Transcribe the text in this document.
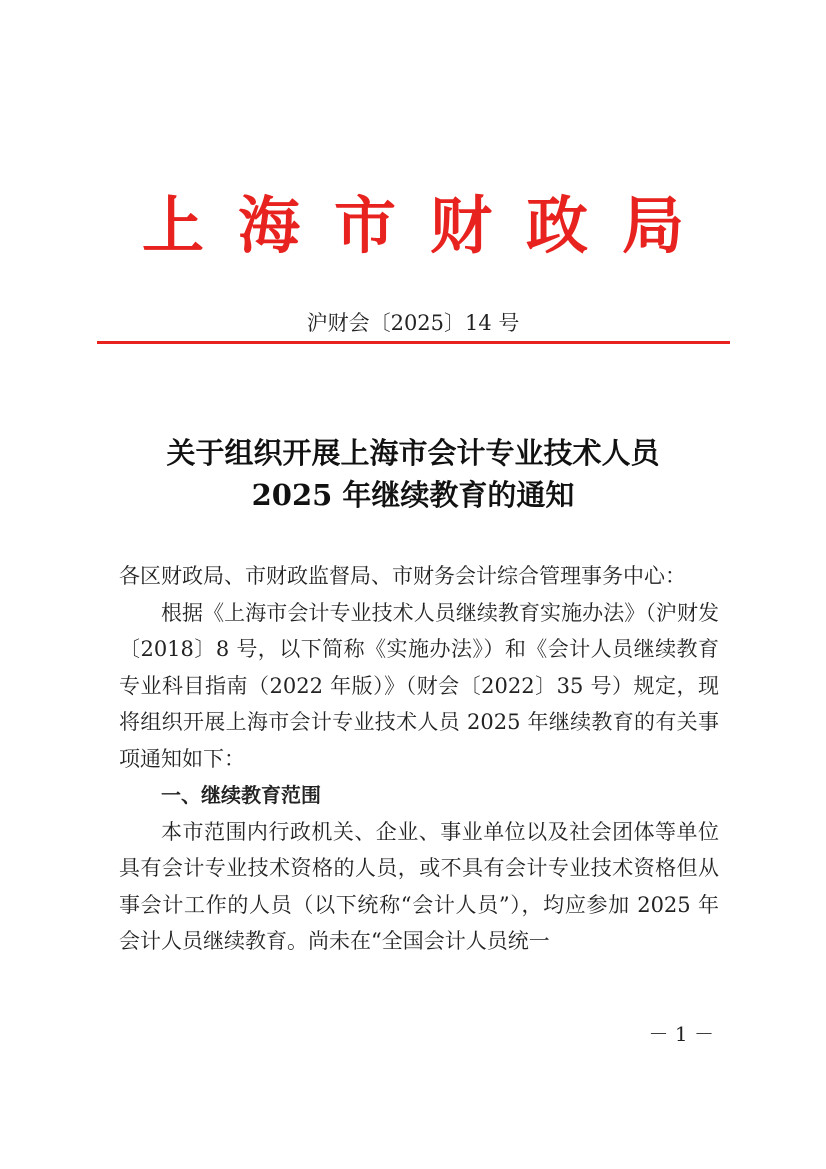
上海市财政局
沪财会〔2025〕14 号
关于组织开展上海市会计专业技术人员
2025 年继续教育的通知

各区财政局、市财政监督局、市财务会计综合管理事务中心：

根据《上海市会计专业技术人员继续教育实施办法》（沪财发〔2018〕8 号，以下简称《实施办法》）和《会计人员继续教育专业科目指南（2022 年版）》（财会〔2022〕35 号）规定，现将组织开展上海市会计专业技术人员 2025 年继续教育的有关事项通知如下：

一、继续教育范围

本市范围内行政机关、企业、事业单位以及社会团体等单位具有会计专业技术资格的人员，或不具有会计专业技术资格但从事会计工作的人员（以下统称“会计人员”），均应参加 2025 年会计人员继续教育。尚未在“全国会计人员统一

－ 1 －
